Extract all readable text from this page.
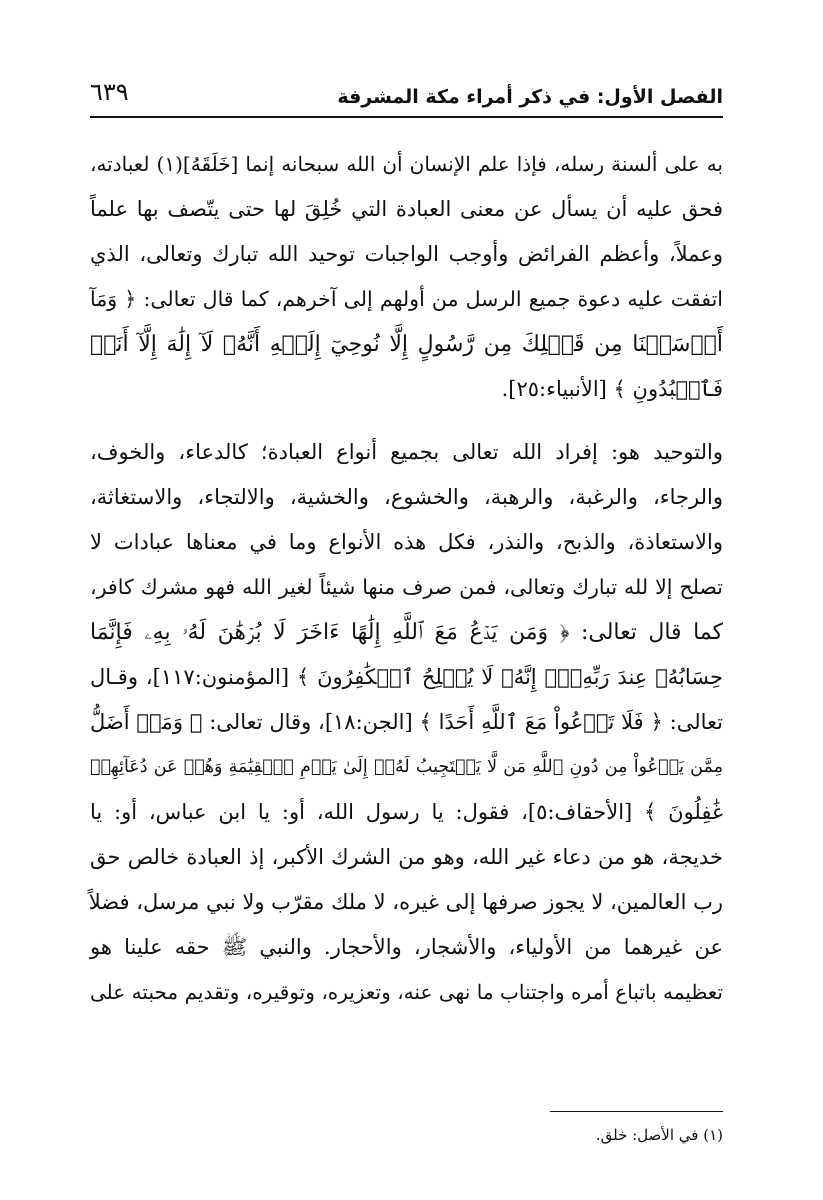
الفصل الأول: في ذكر أمراء مكة المشرفة
٦٣٩
به على ألسنة رسله، فإذا علم الإنسان أن الله سبحانه إنما [خَلَقَهُ](١) لعبادته،
فحق عليه أن يسأل عن معنى العبادة التي خُلِقَ لها حتى يتّصف بها علماً
وعملاً، وأعظم الفرائض وأوجب الواجبات توحيد الله تبارك وتعالى، الذي
اتفقت عليه دعوة جميع الرسل من أولهم إلى آخرهم، كما قال تعالى: ﴿ وَمَآ
أَرۡسَلۡنَا مِن قَبۡلِكَ مِن رَّسُولٍ إِلَّا نُوحِيٓ إِلَيۡهِ أَنَّهُۥ لَآ إِلَٰهَ إِلَّآ أَنَا۠
فَٱعۡبُدُونِ ﴾ [الأنبياء:٢٥].
والتوحيد هو: إفراد الله تعالى بجميع أنواع العبادة؛ كالدعاء، والخوف،
والرجاء، والرغبة، والرهبة، والخشوع، والخشية، والالتجاء، والاستغاثة،
والاستعاذة، والذبح، والنذر، فكل هذه الأنواع وما في معناها عبادات لا
تصلح إلا لله تبارك وتعالى، فمن صرف منها شيئاً لغير الله فهو مشرك كافر،
كما قال تعالى: ﴿ وَمَن يَدۡعُ مَعَ ٱللَّهِ إِلَٰهًا ءَاخَرَ لَا بُرۡهَٰنَ لَهُۥ بِهِۦ فَإِنَّمَا
حِسَابُهُۥ عِندَ رَبِّهِۦٓۚ إِنَّهُۥ لَا يُفۡلِحُ ٱلۡكَٰفِرُونَ ﴾ [المؤمنون:١١٧]، وقـال
تعالى: ﴿ فَلَا تَدۡعُواْ مَعَ ٱللَّهِ أَحَدًا ﴾ [الجن:١٨]، وقال تعالى: ﴿ وَمَنۡ أَضَلُّ
مِمَّن يَدۡعُواْ مِن دُونِ ٱللَّهِ مَن لَّا يَسۡتَجِيبُ لَهُۥٓ إِلَىٰ يَوۡمِ ٱلۡقِيَٰمَةِ وَهُمۡ عَن دُعَآئِهِمۡ
غَٰفِلُونَ ﴾ [الأحقاف:٥]، فقول: يا رسول الله، أو: يا ابن عباس، أو: يا
خديجة، هو من دعاء غير الله، وهو من الشرك الأكبر، إذ العبادة خالص حق
رب العالمين، لا يجوز صرفها إلى غيره، لا ملك مقرّب ولا نبي مرسل، فضلاً
عن غيرهما من الأولياء، والأشجار، والأحجار. والنبي ﷺ حقه علينا هو
تعظيمه باتباع أمره واجتناب ما نهى عنه، وتعزيره، وتوقيره، وتقديم محبته على
(١) في الأصل: خلق.
